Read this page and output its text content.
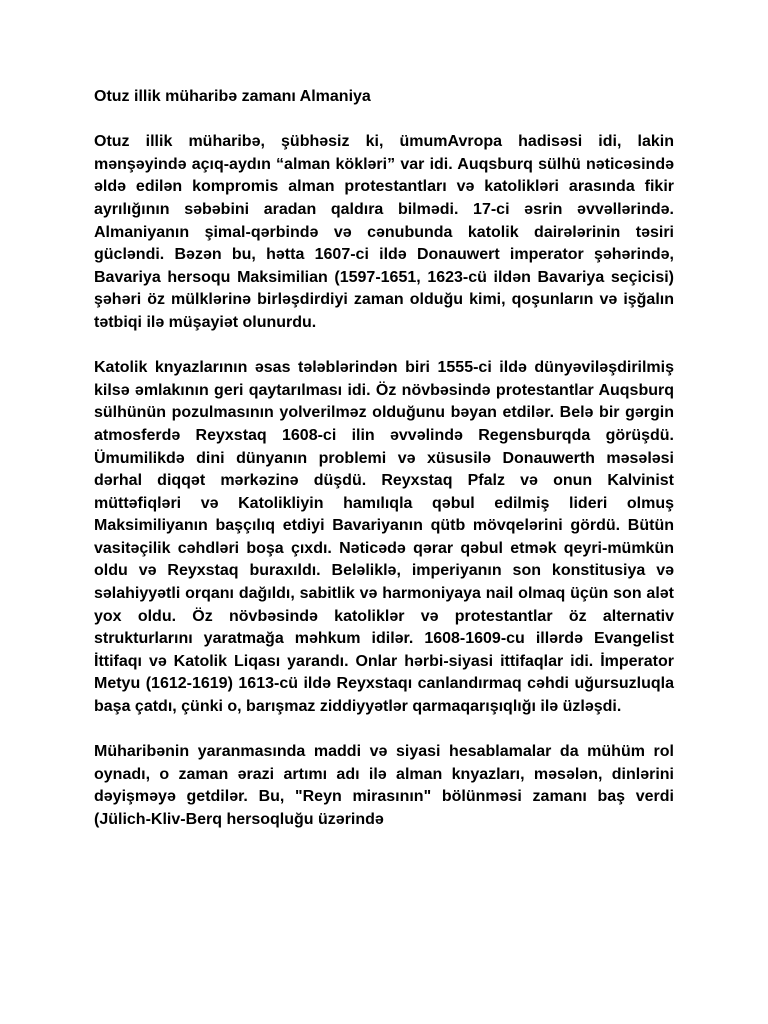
Otuz illik müharibə zamanı Almaniya

Otuz illik müharibə, şübhəsiz ki, ümumAvropa hadisəsi idi, lakin mənşəyində açıq-aydın “alman kökləri” var idi. Auqsburq sülhü nəticəsində əldə edilən kompromis alman protestantları və katolikləri arasında fikir ayrılığının səbəbini aradan qaldıra bilmədi. 17-ci əsrin əvvəllərində. Almaniyanın şimal-qərbində və cənubunda katolik dairələrinin təsiri gücləndi. Bəzən bu, hətta 1607-ci ildə Donauwert imperator şəhərində, Bavariya hersoqu Maksimilian (1597-1651, 1623-cü ildən Bavariya seçicisi) şəhəri öz mülklərinə birləşdirdiyi zaman olduğu kimi, qoşunların və işğalın tətbiqi ilə müşayiət olunurdu.

Katolik knyazlarının əsas tələblərindən biri 1555-ci ildə dünyəviləşdirilmiş kilsə əmlakının geri qaytarılması idi. Öz növbəsində protestantlar Auqsburq sülhünün pozulmasının yolverilməz olduğunu bəyan etdilər. Belə bir gərgin atmosferdə Reyxstaq 1608-ci ilin əvvəlində Regensburqda görüşdü. Ümumilikdə dini dünyanın problemi və xüsusilə Donauwerth məsələsi dərhal diqqət mərkəzinə düşdü. Reyxstaq Pfalz və onun Kalvinist müttəfiqləri və Katolikliyin hamılıqla qəbul edilmiş lideri olmuş Maksimiliyanın başçılıq etdiyi Bavariyanın qütb mövqelərini gördü. Bütün vasitəçilik cəhdləri boşa çıxdı. Nəticədə qərar qəbul etmək qeyri-mümkün oldu və Reyxstaq buraxıldı. Beləliklə, imperiyanın son konstitusiya və səlahiyyətli orqanı dağıldı, sabitlik və harmoniyaya nail olmaq üçün son alət yox oldu. Öz növbəsində katoliklər və protestantlar öz alternativ strukturlarını yaratmağa məhkum idilər. 1608-1609-cu illərdə Evangelist İttifaqı və Katolik Liqası yarandı. Onlar hərbi-siyasi ittifaqlar idi. İmperator Metyu (1612-1619) 1613-cü ildə Reyxstaqı canlandırmaq cəhdi uğursuzluqla başa çatdı, çünki o, barışmaz ziddiyyətlər qarmaqarışıqlığı ilə üzləşdi.

Müharibənin yaranmasında maddi və siyasi hesablamalar da mühüm rol oynadı, o zaman ərazi artımı adı ilə alman knyazları, məsələn, dinlərini dəyişməyə getdilər. Bu, "Reyn mirasının" bölünməsi zamanı baş verdi (Jülich-Kliv-Berq hersoqluğu üzərində
